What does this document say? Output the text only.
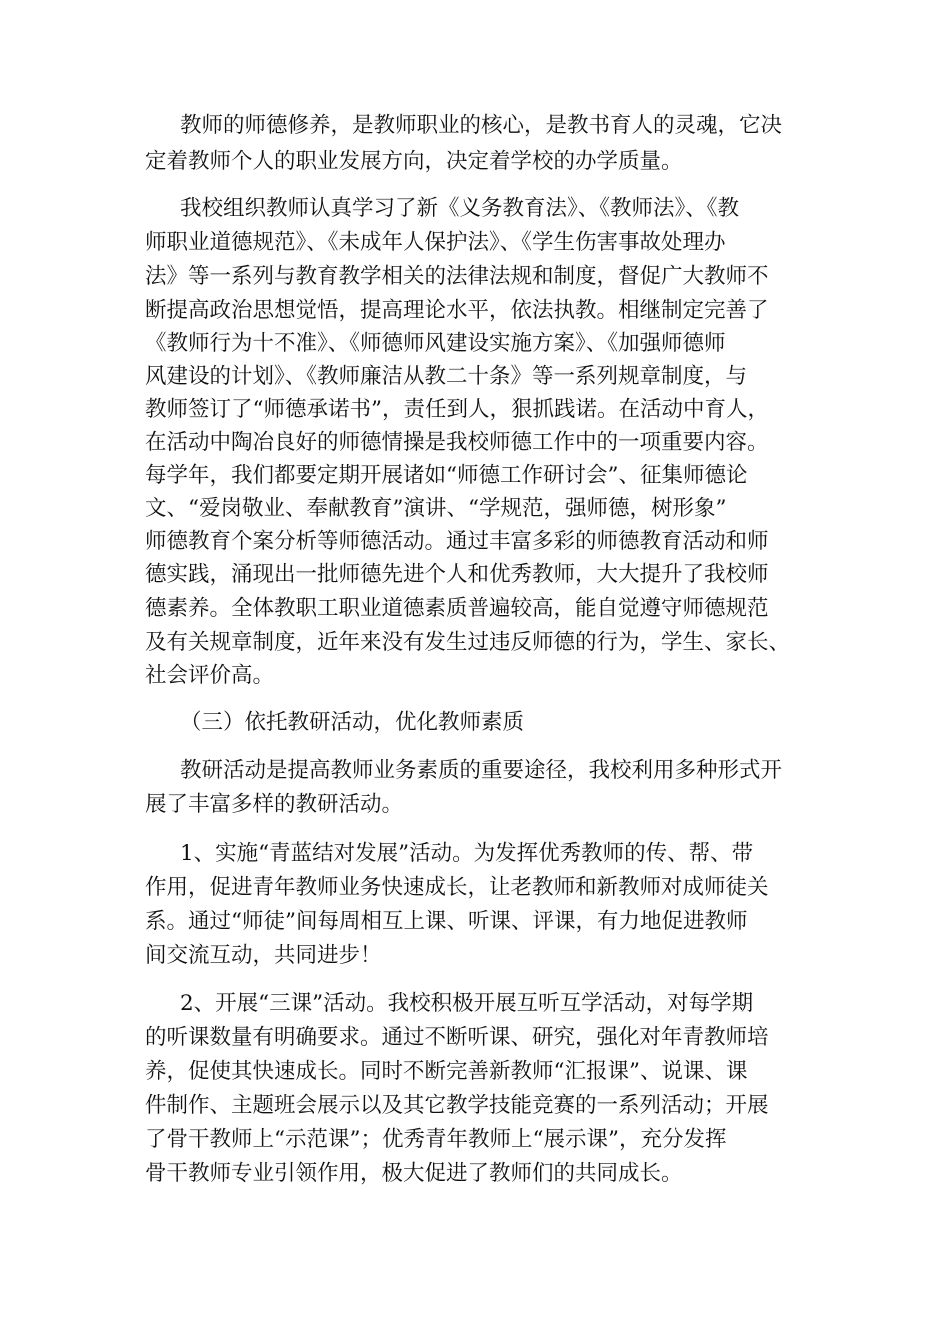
教师的师德修养，是教师职业的核心，是教书育人的灵魂，它决
定着教师个人的职业发展方向，决定着学校的办学质量。
我校组织教师认真学习了新《义务教育法》、《教师法》、《教
师职业道德规范》、《未成年人保护法》、《学生伤害事故处理办
法》等一系列与教育教学相关的法律法规和制度，督促广大教师不
断提高政治思想觉悟，提高理论水平，依法执教。相继制定完善了
《教师行为十不准》、《师德师风建设实施方案》、《加强师德师
风建设的计划》、《教师廉洁从教二十条》等一系列规章制度，与
教师签订了“师德承诺书”，责任到人，狠抓践诺。在活动中育人，
在活动中陶冶良好的师德情操是我校师德工作中的一项重要内容。
每学年，我们都要定期开展诸如“师德工作研讨会”、征集师德论
文、“爱岗敬业、奉献教育”演讲、“学规范，强师德，树形象”
师德教育个案分析等师德活动。通过丰富多彩的师德教育活动和师
德实践，涌现出一批师德先进个人和优秀教师，大大提升了我校师
德素养。全体教职工职业道德素质普遍较高，能自觉遵守师德规范
及有关规章制度，近年来没有发生过违反师德的行为，学生、家长、
社会评价高。
（三）依托教研活动，优化教师素质
教研活动是提高教师业务素质的重要途径，我校利用多种形式开
展了丰富多样的教研活动。
1、实施“青蓝结对发展”活动。为发挥优秀教师的传、帮、带
作用，促进青年教师业务快速成长，让老教师和新教师对成师徒关
系。通过“师徒”间每周相互上课、听课、评课，有力地促进教师
间交流互动，共同进步！
2、开展“三课”活动。我校积极开展互听互学活动，对每学期
的听课数量有明确要求。通过不断听课、研究，强化对年青教师培
养，促使其快速成长。同时不断完善新教师“汇报课”、说课、课
件制作、主题班会展示以及其它教学技能竞赛的一系列活动；开展
了骨干教师上“示范课”；优秀青年教师上“展示课”，充分发挥
骨干教师专业引领作用，极大促进了教师们的共同成长。
